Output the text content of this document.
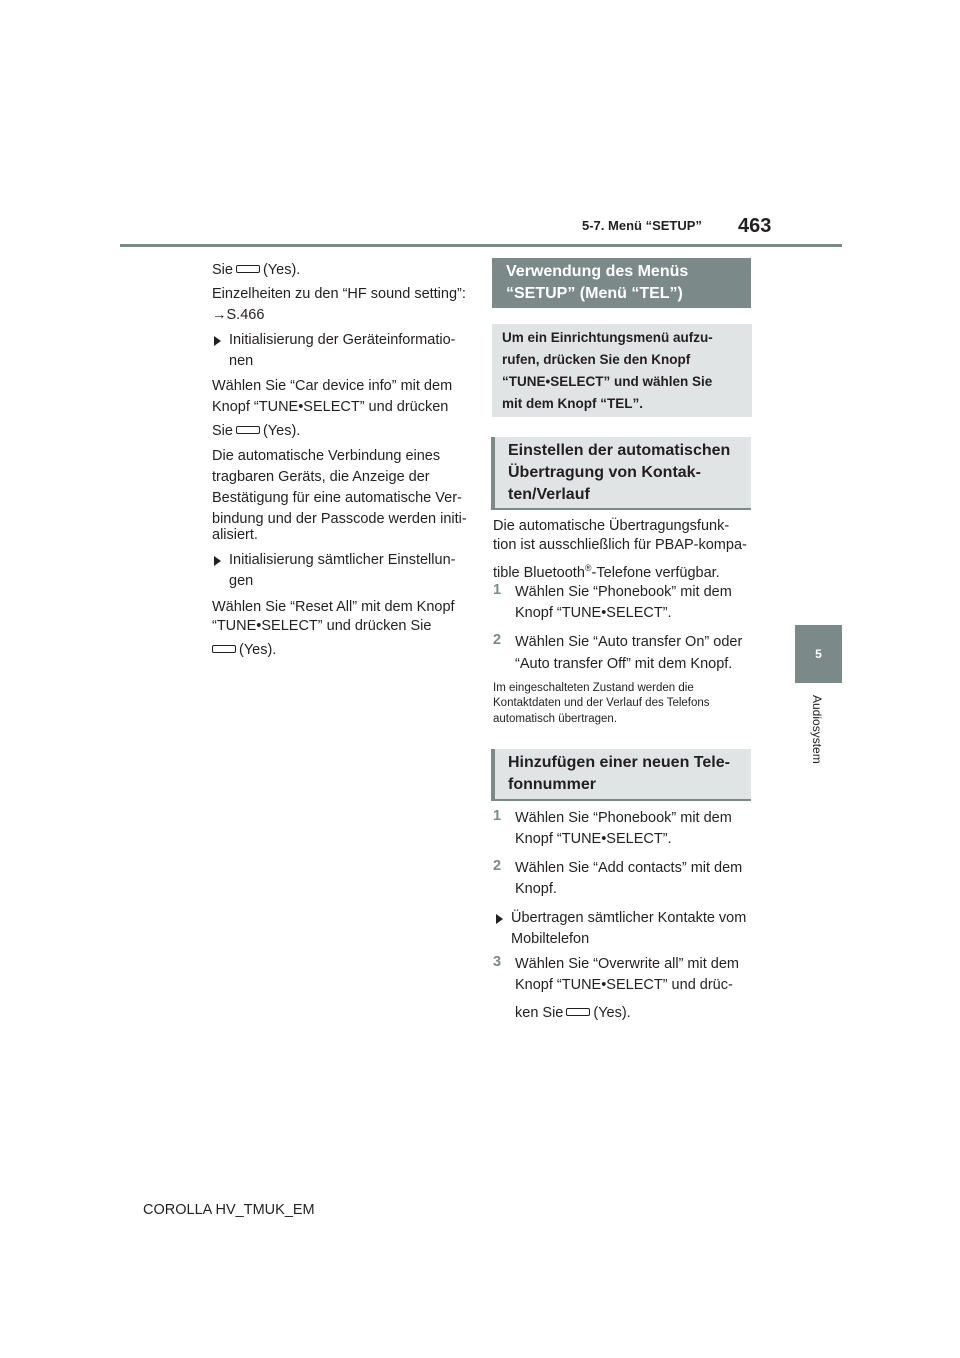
5-7. Menü “SETUP” 463
5
Audiosystem
Sie (Yes).
Einzelheiten zu den “HF sound setting”:
→S.466
Initialisierung der Geräteinformatio-
nen
Wählen Sie “Car device info” mit dem
Knopf “TUNE•SELECT” und drücken
Sie (Yes).
Die automatische Verbindung eines
tragbaren Geräts, die Anzeige der
Bestätigung für eine automatische Ver-
bindung und der Passcode werden initi-
alisiert.
Initialisierung sämtlicher Einstellun-
gen
Wählen Sie “Reset All” mit dem Knopf
“TUNE•SELECT” und drücken Sie
(Yes).
Verwendung des Menüs
“SETUP” (Menü “TEL”)
Um ein Einrichtungsmenü aufzu-
rufen, drücken Sie den Knopf
“TUNE•SELECT” und wählen Sie
mit dem Knopf “TEL”.
Einstellen der automatischen
Übertragung von Kontak-
ten/Verlauf
Die automatische Übertragungsfunk-
tion ist ausschließlich für PBAP-kompa-
tible Bluetooth®-Telefone verfügbar.
1 Wählen Sie “Phonebook” mit dem
Knopf “TUNE•SELECT”.
2 Wählen Sie “Auto transfer On” oder
“Auto transfer Off” mit dem Knopf.
Im eingeschalteten Zustand werden die
Kontaktdaten und der Verlauf des Telefons
automatisch übertragen.
Hinzufügen einer neuen Tele-
fonnummer
1 Wählen Sie “Phonebook” mit dem
Knopf “TUNE•SELECT”.
2 Wählen Sie “Add contacts” mit dem
Knopf.
Übertragen sämtlicher Kontakte vom
Mobiltelefon
3 Wählen Sie “Overwrite all” mit dem
Knopf “TUNE•SELECT” und drüc-
ken Sie (Yes).
COROLLA HV_TMUK_EM
